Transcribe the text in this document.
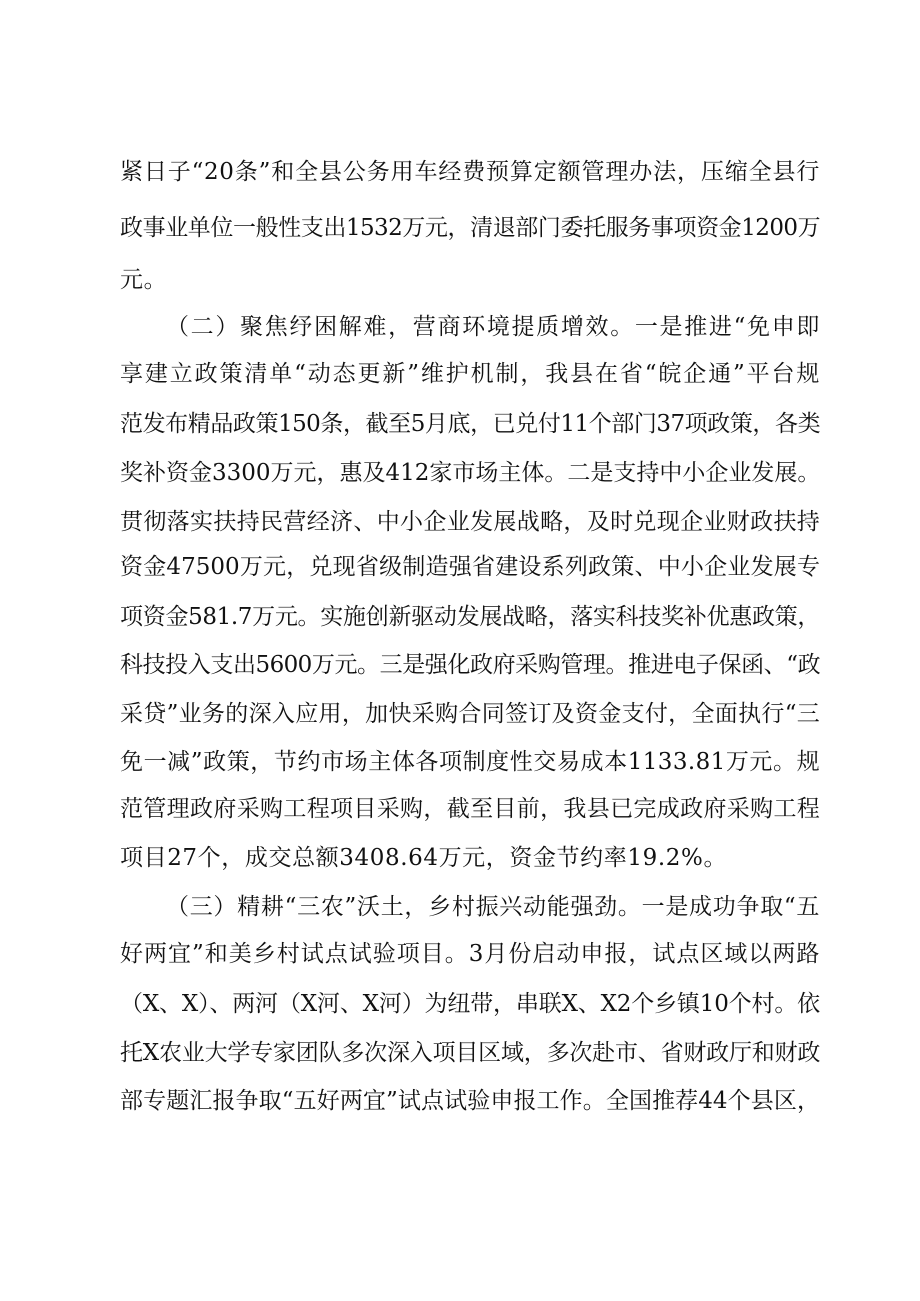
紧日子“20条”和全县公务用车经费预算定额管理办法，压缩全县行

政事业单位一般性支出1532万元，清退部门委托服务事项资金1200万

元。

（二）聚焦纾困解难，营商环境提质增效。一是推进“免申即

享建立政策清单“动态更新”维护机制，我县在省“皖企通”平台规

范发布精品政策150条，截至5月底，已兑付11个部门37项政策，各类

奖补资金3300万元，惠及412家市场主体。二是支持中小企业发展。

贯彻落实扶持民营经济、中小企业发展战略，及时兑现企业财政扶持

资金47500万元，兑现省级制造强省建设系列政策、中小企业发展专

项资金581.7万元。实施创新驱动发展战略，落实科技奖补优惠政策，

科技投入支出5600万元。三是强化政府采购管理。推进电子保函、“政

采贷”业务的深入应用，加快采购合同签订及资金支付，全面执行“三

免一减”政策，节约市场主体各项制度性交易成本1133.81万元。规

范管理政府采购工程项目采购，截至目前，我县已完成政府采购工程

项目27个，成交总额3408.64万元，资金节约率19.2%。

（三）精耕“三农”沃土，乡村振兴动能强劲。一是成功争取“五

好两宜”和美乡村试点试验项目。3月份启动申报，试点区域以两路

（X、X）、两河（X河、X河）为纽带，串联X、X2个乡镇10个村。依

托X农业大学专家团队多次深入项目区域，多次赴市、省财政厅和财政

部专题汇报争取“五好两宜”试点试验申报工作。全国推荐44个县区，
